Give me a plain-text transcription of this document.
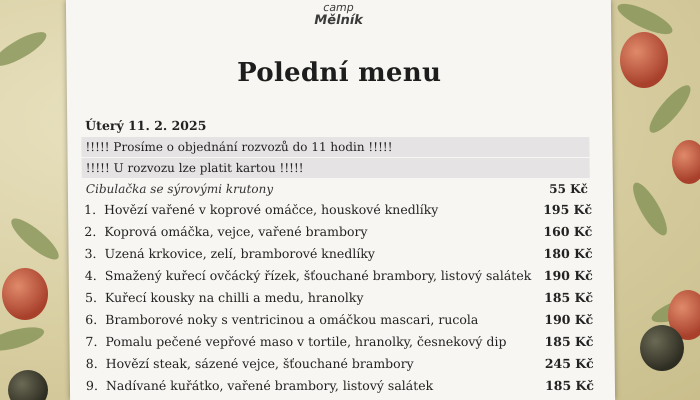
camp
Mělník
Polední menu
Úterý 11. 2. 2025
!!!!! Prosíme o objednání rozvozů do 11 hodin !!!!!
!!!!! U rozvozu lze platit kartou !!!!!
Cibulačka se sýrovými krutony	55 Kč
1. Hovězí vařené v koprové omáčce, houskové knedlíky	195 Kč
2. Koprová omáčka, vejce, vařené brambory	160 Kč
3. Uzená krkovice, zelí, bramborové knedlíky	180 Kč
4. Smažený kuřecí ovčácký řízek, šťouchané brambory, listový salátek 190 Kč
5. Kuřecí kousky na chilli a medu, hranolky	185 Kč
6. Bramborové noky s ventricinou a omáčkou mascari, rucola	190 Kč
7. Pomalu pečené vepřové maso v tortile, hranolky, česnekový dip	185 Kč
8. Hovězí steak, sázené vejce, šťouchané brambory	245 Kč
9. Nadívané kuřátko, vařené brambory, listový salátek	185 Kč
